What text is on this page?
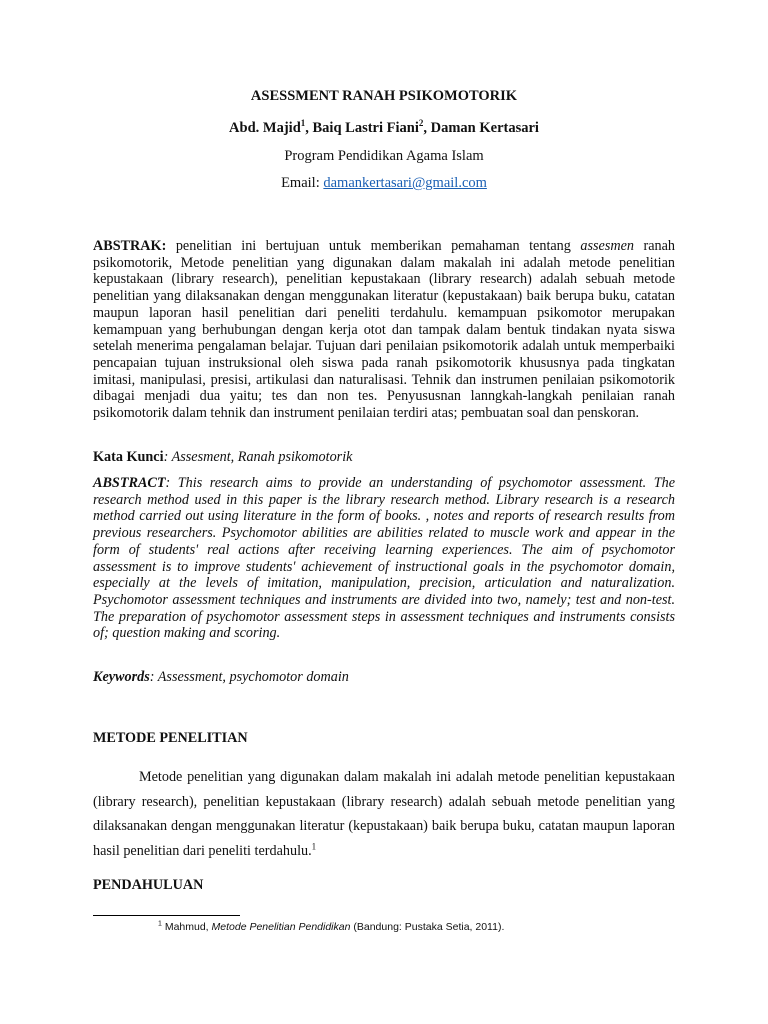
ASESSMENT RANAH PSIKOMOTORIK
Abd. Majid$^1$, Baiq Lastri Fiani$^2$, Daman Kertasari
Program Pendidikan Agama Islam
Email: damankertasari@gmail.com
ABSTRAK: penelitian ini bertujuan untuk memberikan pemahaman tentang assesmen ranah psikomotorik, Metode penelitian yang digunakan dalam makalah ini adalah metode penelitian kepustakaan (library research), penelitian kepustakaan (library research) adalah sebuah metode penelitian yang dilaksanakan dengan menggunakan literatur (kepustakaan) baik berupa buku, catatan maupun laporan hasil penelitian dari peneliti terdahulu. kemampuan psikomotor merupakan kemampuan yang berhubungan dengan kerja otot dan tampak dalam bentuk tindakan nyata siswa setelah menerima pengalaman belajar. Tujuan dari penilaian psikomotorik adalah untuk memperbaiki pencapaian tujuan instruksional oleh siswa pada ranah psikomotorik khususnya pada tingkatan imitasi, manipulasi, presisi, artikulasi dan naturalisasi. Tehnik dan instrumen penilaian psikomotorik dibagai menjadi dua yaitu; tes dan non tes. Penyususnan lanngkah-langkah penilaian ranah psikomotorik dalam tehnik dan instrument penilaian terdiri atas; pembuatan soal dan penskoran.
Kata Kunci: Assesment, Ranah psikomotorik
ABSTRACT: This research aims to provide an understanding of psychomotor assessment. The research method used in this paper is the library research method. Library research is a research method carried out using literature in the form of books. , notes and reports of research results from previous researchers. Psychomotor abilities are abilities related to muscle work and appear in the form of students' real actions after receiving learning experiences. The aim of psychomotor assessment is to improve students' achievement of instructional goals in the psychomotor domain, especially at the levels of imitation, manipulation, precision, articulation and naturalization. Psychomotor assessment techniques and instruments are divided into two, namely; test and non-test. The preparation of psychomotor assessment steps in assessment techniques and instruments consists of; question making and scoring.
Keywords: Assessment, psychomotor domain
METODE PENELITIAN
Metode penelitian yang digunakan dalam makalah ini adalah metode penelitian kepustakaan (library research), penelitian kepustakaan (library research) adalah sebuah metode penelitian yang dilaksanakan dengan menggunakan literatur (kepustakaan) baik berupa buku, catatan maupun laporan hasil penelitian dari peneliti terdahulu.$^1$
PENDAHULUAN
$^1$ Mahmud, Metode Penelitian Pendidikan (Bandung: Pustaka Setia, 2011).
